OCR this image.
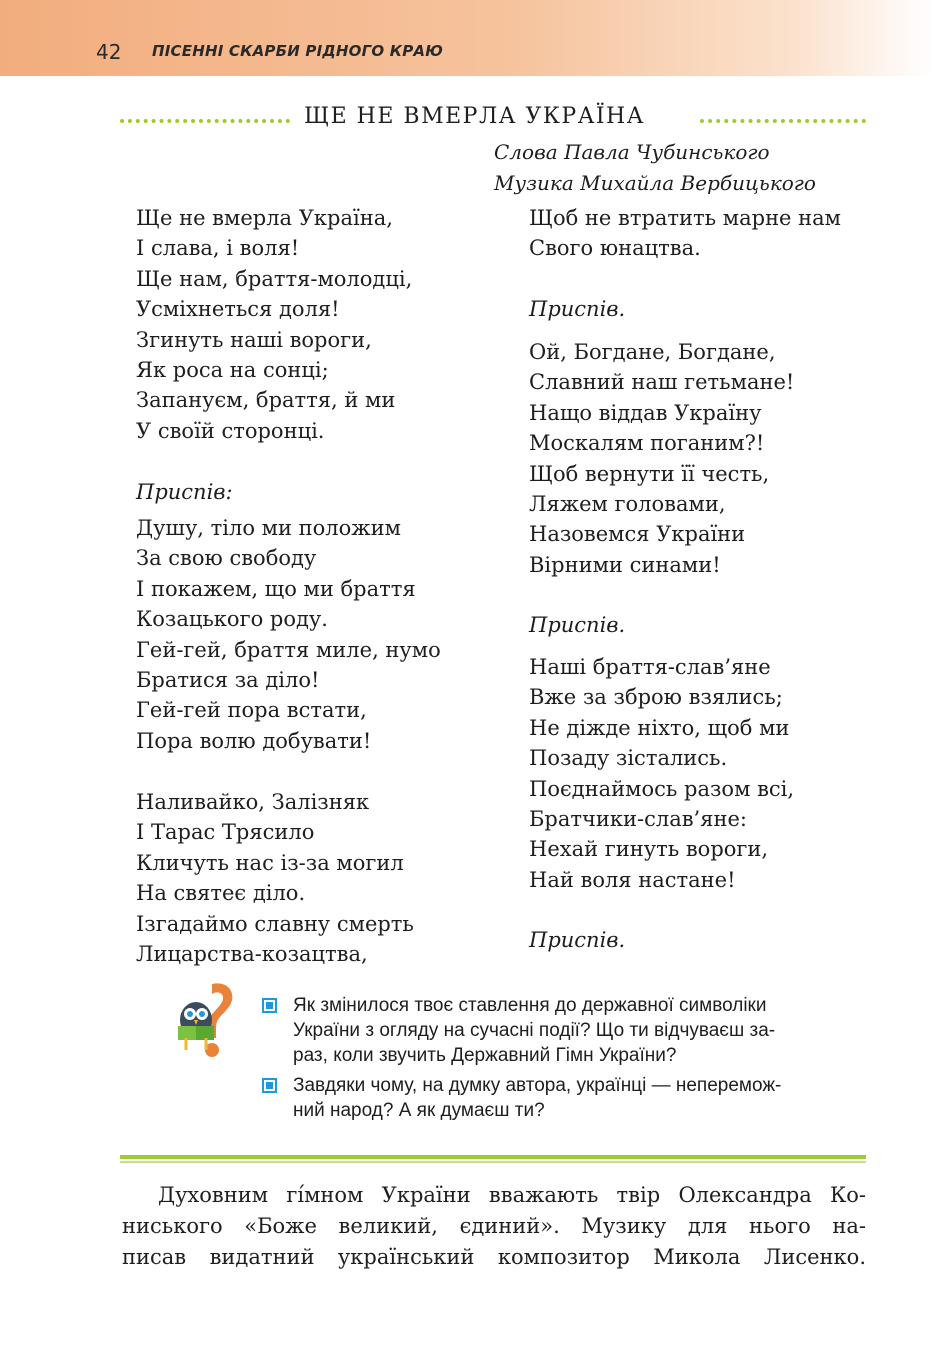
42 ПІСЕННІ СКАРБИ РІДНОГО КРАЮ
ЩЕ НЕ ВМЕРЛА УКРАЇНА
Слова Павла Чубинського
Музика Михайла Вербицького
Ще не вмерла Україна,
І слава, і воля!
Ще нам, браття-молодці,
Усміхнеться доля!
Згинуть наші вороги,
Як роса на сонці;
Запануєм, браття, й ми
У своїй сторонці.
Приспів:
Душу, тіло ми положим
За свою свободу
І покажем, що ми браття
Козацького роду.
Гей-гей, браття миле, нумо
Братися за діло!
Гей-гей пора встати,
Пора волю добувати!
Наливайко, Залізняк
І Тарас Трясило
Кличуть нас із-за могил
На святеє діло.
Ізгадаймо славну смерть
Лицарства-козацтва,
Щоб не втратить марне нам
Свого юнацтва.
Приспів.
Ой, Богдане, Богдане,
Славний наш гетьмане!
Нащо віддав Україну
Москалям поганим?!
Щоб вернути її честь,
Ляжем головами,
Назовемся України
Вірними синами!
Приспів.
Наші браття-слав’яне
Вже за зброю взялись;
Не діжде ніхто, щоб ми
Позаду зістались.
Поєднаймось разом всі,
Братчики-слав’яне:
Нехай гинуть вороги,
Най воля настане!
Приспів.
Як змінилося твоє ставлення до державної символіки
України з огляду на сучасні події? Що ти відчуваєш за-
раз, коли звучить Державний Гімн України?
Завдяки чому, на думку автора, українці — неперемож-
ний народ? А як думаєш ти?
Духовним гі́мном України вважають твір Олександра Ко-
ниського «Боже великий, єдиний». Музику для нього на-
писав видатний український композитор Микола Лисенко.
